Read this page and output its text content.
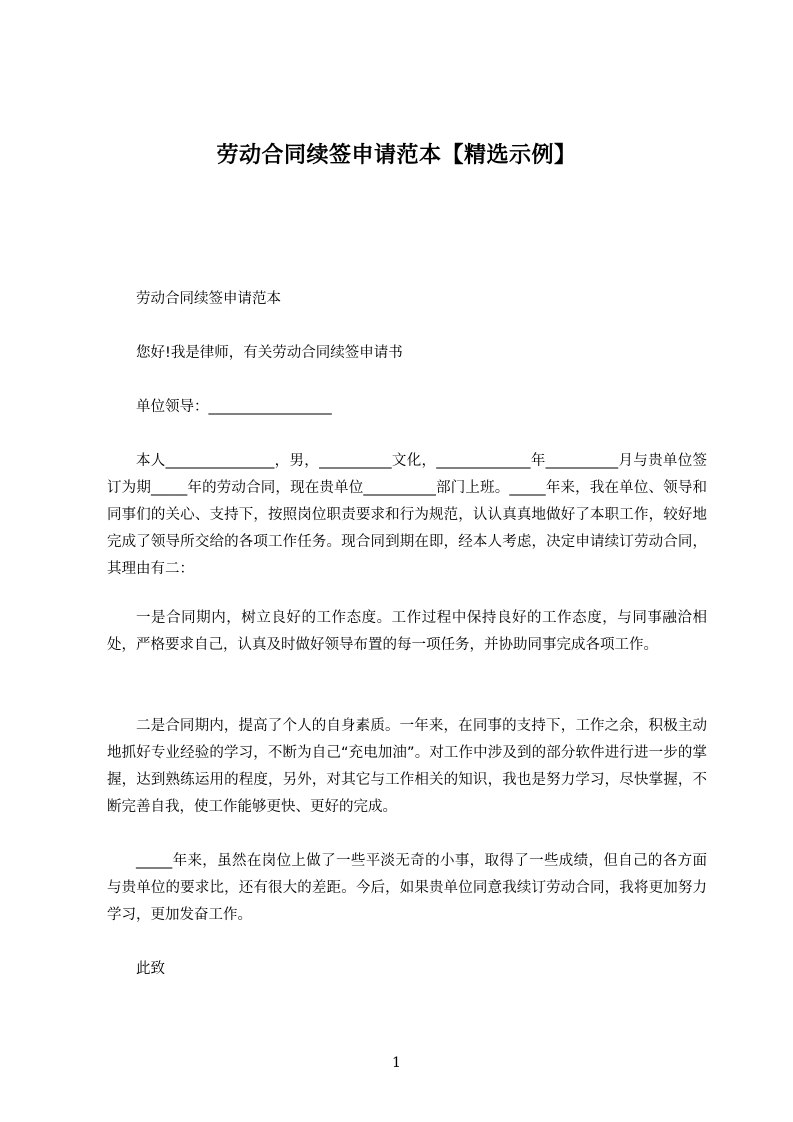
劳动合同续签申请范本【精选示例】
劳动合同续签申请范本
您好!我是律师，有关劳动合同续签申请书
单位领导：_________________
本人_______________，男，__________文化，_____________年__________月与贵单位签订为期_____年的劳动合同，现在贵单位__________部门上班。_____年来，我在单位、领导和同事们的关心、支持下，按照岗位职责要求和行为规范，认认真真地做好了本职工作，较好地完成了领导所交给的各项工作任务。现合同到期在即，经本人考虑，决定申请续订劳动合同，其理由有二：
一是合同期内，树立良好的工作态度。工作过程中保持良好的工作态度，与同事融洽相处，严格要求自己，认真及时做好领导布置的每一项任务，并协助同事完成各项工作。
二是合同期内，提高了个人的自身素质。一年来，在同事的支持下，工作之余，积极主动地抓好专业经验的学习，不断为自己“充电加油”。对工作中涉及到的部分软件进行进一步的掌握，达到熟练运用的程度，另外，对其它与工作相关的知识，我也是努力学习，尽快掌握，不断完善自我，使工作能够更快、更好的完成。
_____年来，虽然在岗位上做了一些平淡无奇的小事，取得了一些成绩，但自己的各方面与贵单位的要求比，还有很大的差距。今后，如果贵单位同意我续订劳动合同，我将更加努力学习，更加发奋工作。
此致
1
